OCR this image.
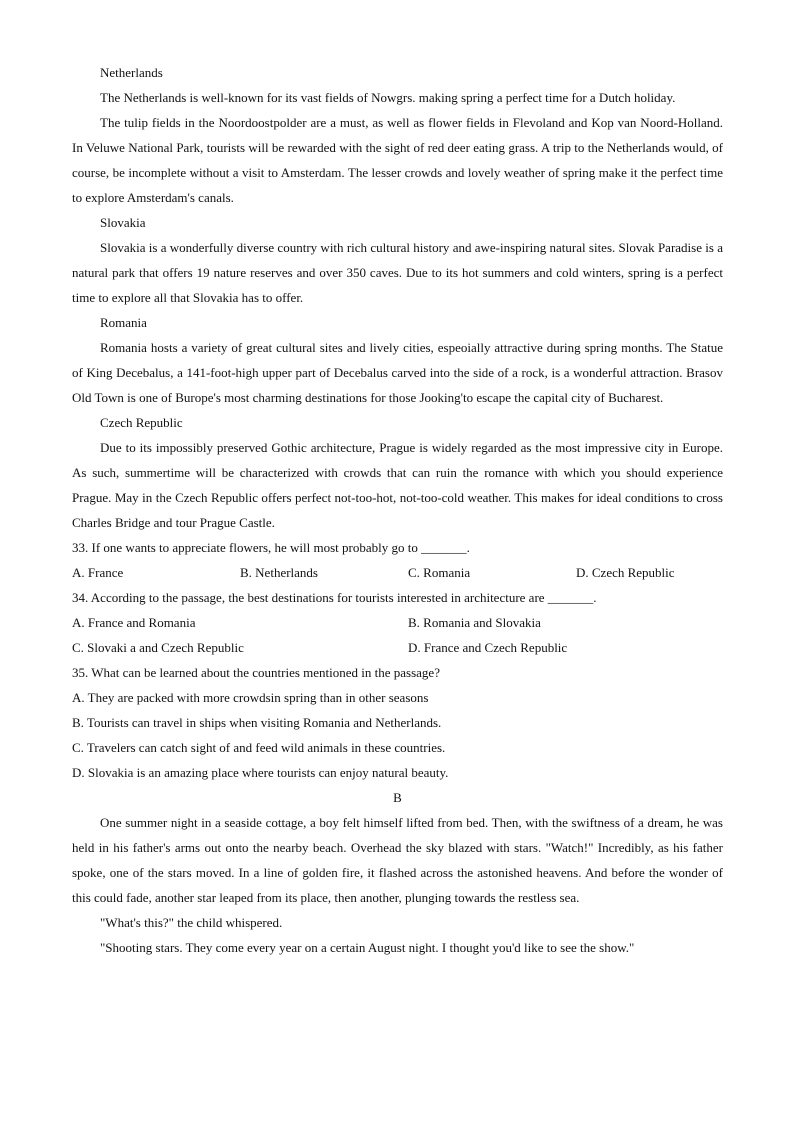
Netherlands

The Netherlands is well-known for its vast fields of Nowgrs. making spring a perfect time for a Dutch holiday.

The tulip fields in the Noordoostpolder are a must, as well as flower fields in Flevoland and Kop van Noord-Holland. In Veluwe National Park, tourists will be rewarded with the sight of red deer eating grass. A trip to the Netherlands would, of course, be incomplete without a visit to Amsterdam. The lesser crowds and lovely weather of spring make it the perfect time to explore Amsterdam's canals.

Slovakia

Slovakia is a wonderfully diverse country with rich cultural history and awe-inspiring natural sites. Slovak Paradise is a natural park that offers 19 nature reserves and over 350 caves. Due to its hot summers and cold winters, spring is a perfect time to explore all that Slovakia has to offer.

Romania

Romania hosts a variety of great cultural sites and lively cities, espeoially attractive during spring months. The Statue of King Decebalus, a 141-foot-high upper part of Decebalus carved into the side of a rock, is a wonderful attraction. Brasov Old Town is one of Burope's most charming destinations for those Jooking'to escape the capital city of Bucharest.

Czech Republic

Due to its impossibly preserved Gothic architecture, Prague is widely regarded as the most impressive city in Europe. As such, summertime will be characterized with crowds that can ruin the romance with which you should experience Prague. May in the Czech Republic offers perfect not-too-hot, not-too-cold weather. This makes for ideal conditions to cross Charles Bridge and tour Prague Castle.

33. If one wants to appreciate flowers, he will most probably go to _______.

A. France	B. Netherlands	C. Romania	D. Czech Republic

34. According to the passage, the best destinations for tourists interested in architecture are _______.

A. France and Romania	B. Romania and Slovakia
C. Slovaki a and Czech Republic	D. France and Czech Republic

35. What can be learned about the countries mentioned in the passage?

A. They are packed with more crowdsin spring than in other seasons

B. Tourists can travel in ships when visiting Romania and Netherlands.

C. Travelers can catch sight of and feed wild animals in these countries.

D. Slovakia is an amazing place where tourists can enjoy natural beauty.

B

One summer night in a seaside cottage, a boy felt himself lifted from bed. Then, with the swiftness of a dream, he was held in his father's arms out onto the nearby beach. Overhead the sky blazed with stars. "Watch!" Incredibly, as his father spoke, one of the stars moved. In a line of golden fire, it flashed across the astonished heavens. And before the wonder of this could fade, another star leaped from its place, then another, plunging towards the restless sea.

"What's this?" the child whispered.

"Shooting stars. They come every year on a certain August night. I thought you'd like to see the show."
